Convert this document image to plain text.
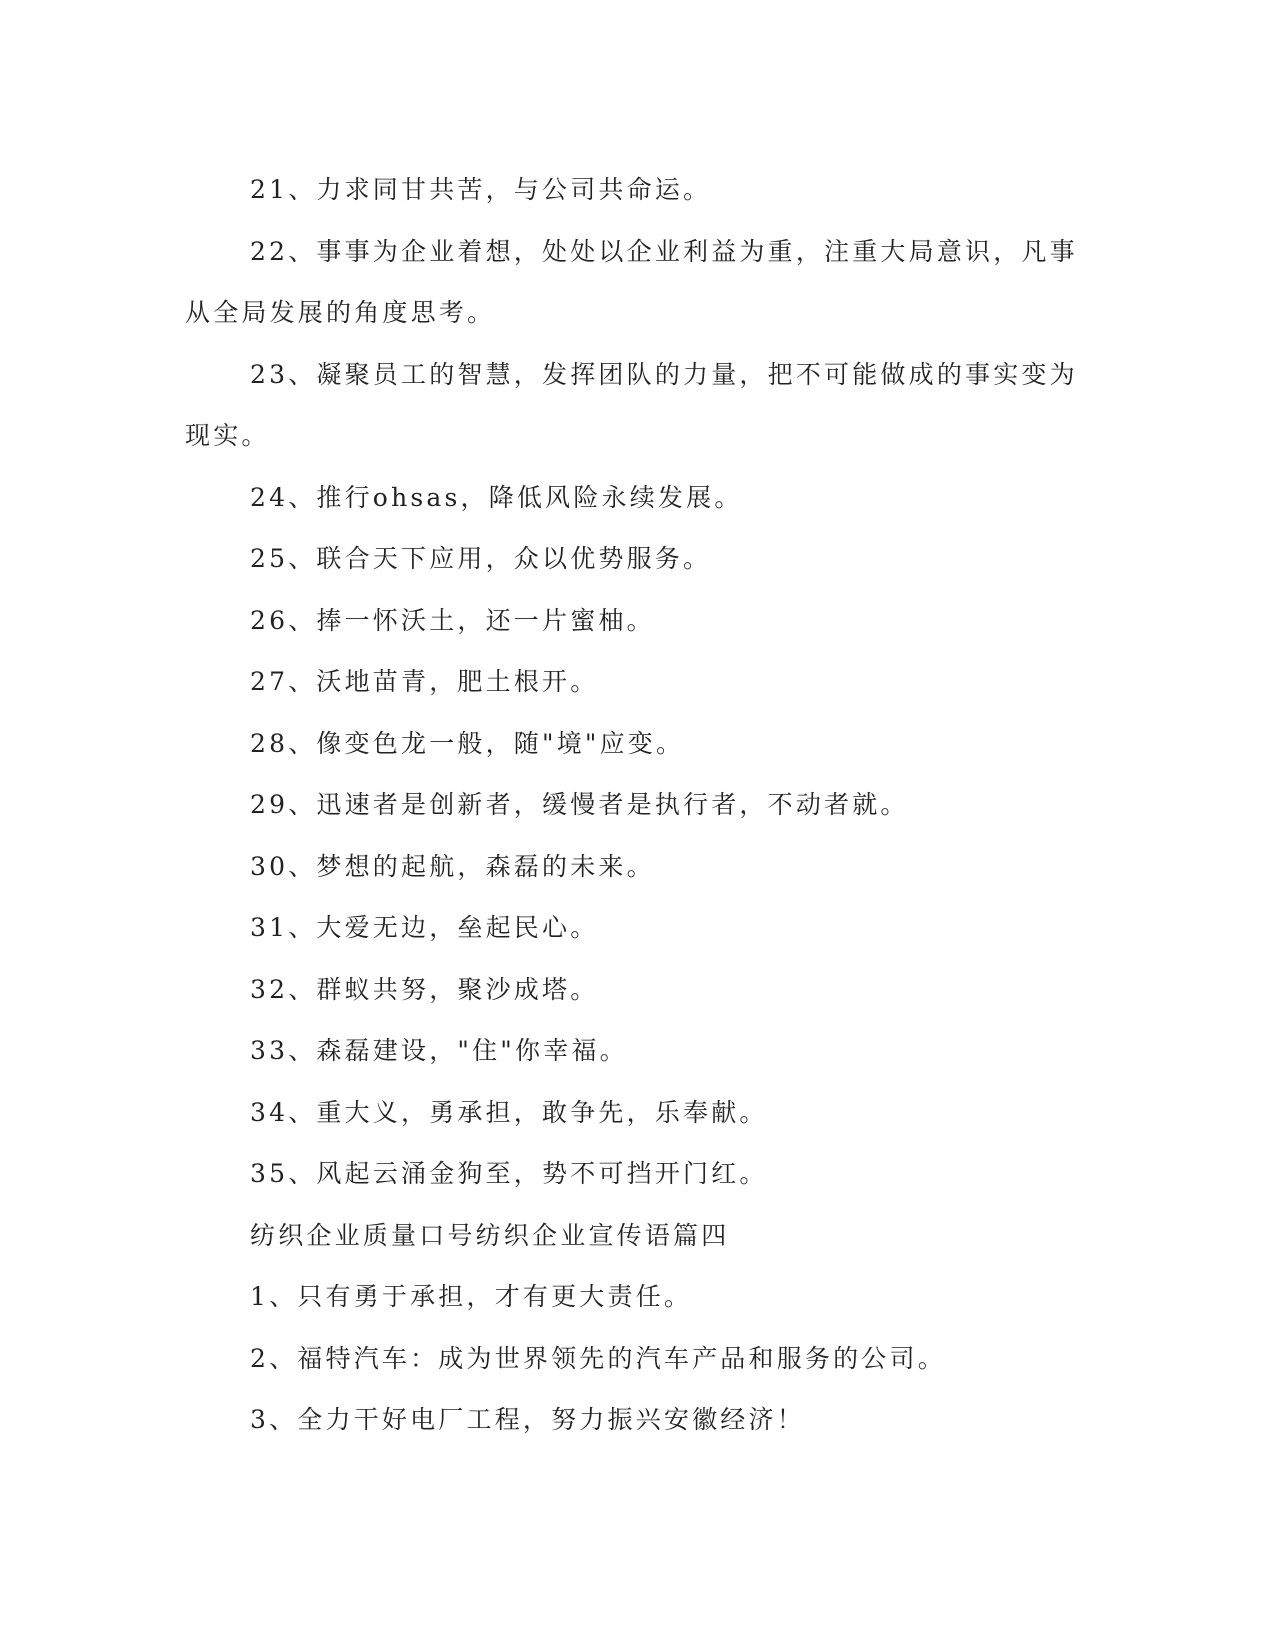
21、力求同甘共苦，与公司共命运。

22、事事为企业着想，处处以企业利益为重，注重大局意识，凡事从全局发展的角度思考。

23、凝聚员工的智慧，发挥团队的力量，把不可能做成的事实变为现实。

24、推行ohsas，降低风险永续发展。

25、联合天下应用，众以优势服务。

26、捧一怀沃土，还一片蜜柚。

27、沃地苗青，肥土根开。

28、像变色龙一般，随"境"应变。

29、迅速者是创新者，缓慢者是执行者，不动者就。

30、梦想的起航，森磊的未来。

31、大爱无边，垒起民心。

32、群蚁共努，聚沙成塔。

33、森磊建设，"住"你幸福。

34、重大义，勇承担，敢争先，乐奉献。

35、风起云涌金狗至，势不可挡开门红。

纺织企业质量口号纺织企业宣传语篇四

1、只有勇于承担，才有更大责任。

2、福特汽车：成为世界领先的汽车产品和服务的公司。

3、全力干好电厂工程，努力振兴安徽经济！
